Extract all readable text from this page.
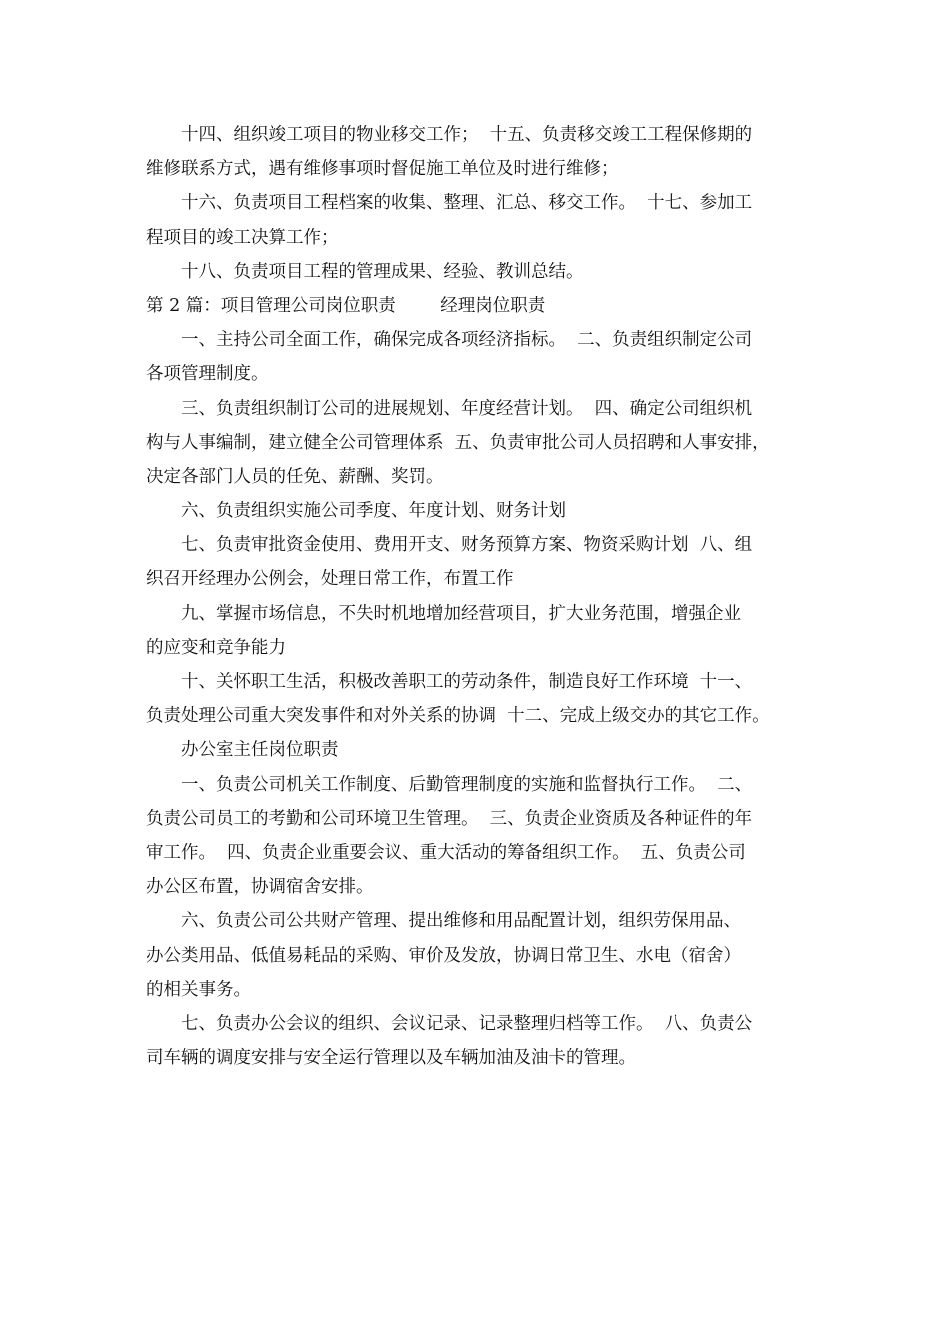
十四、组织竣工项目的物业移交工作；  十五、负责移交竣工工程保修期的
维修联系方式，遇有维修事项时督促施工单位及时进行维修；
十六、负责项目工程档案的收集、整理、汇总、移交工作。  十七、参加工
程项目的竣工决算工作；
十八、负责项目工程的管理成果、经验、教训总结。
第 2 篇：项目管理公司岗位职责        经理岗位职责
一、主持公司全面工作，确保完成各项经济指标。  二、负责组织制定公司
各项管理制度。
三、负责组织制订公司的进展规划、年度经营计划。  四、确定公司组织机
构与人事编制，建立健全公司管理体系  五、负责审批公司人员招聘和人事安排，
决定各部门人员的任免、薪酬、奖罚。
六、负责组织实施公司季度、年度计划、财务计划
七、负责审批资金使用、费用开支、财务预算方案、物资采购计划  八、组
织召开经理办公例会，处理日常工作，布置工作
九、掌握市场信息，不失时机地增加经营项目，扩大业务范围，增强企业
的应变和竞争能力
十、关怀职工生活，积极改善职工的劳动条件，制造良好工作环境  十一、
负责处理公司重大突发事件和对外关系的协调  十二、完成上级交办的其它工作。
办公室主任岗位职责
一、负责公司机关工作制度、后勤管理制度的实施和监督执行工作。  二、
负责公司员工的考勤和公司环境卫生管理。  三、负责企业资质及各种证件的年
审工作。  四、负责企业重要会议、重大活动的筹备组织工作。  五、负责公司
办公区布置，协调宿舍安排。
六、负责公司公共财产管理、提出维修和用品配置计划，组织劳保用品、
办公类用品、低值易耗品的采购、审价及发放，协调日常卫生、水电（宿舍）
的相关事务。
七、负责办公会议的组织、会议记录、记录整理归档等工作。  八、负责公
司车辆的调度安排与安全运行管理以及车辆加油及油卡的管理。
